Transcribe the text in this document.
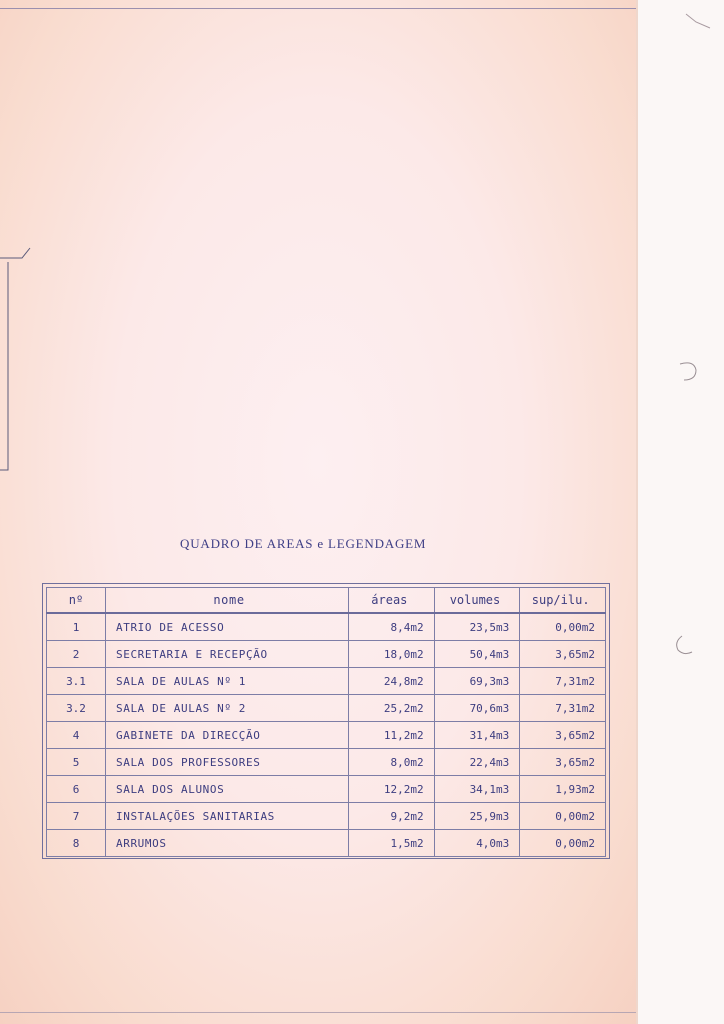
QUADRO DE AREAS e LEGENDAGEM
nº	nome	áreas	volumes	sup/ilu.
1	ATRIO DE ACESSO	8,4m2	23,5m3	0,00m2
2	SECRETARIA E RECEPÇÃO	18,0m2	50,4m3	3,65m2
3.1	SALA DE AULAS Nº 1	24,8m2	69,3m3	7,31m2
3.2	SALA DE AULAS Nº 2	25,2m2	70,6m3	7,31m2
4	GABINETE DA DIRECÇÃO	11,2m2	31,4m3	3,65m2
5	SALA DOS PROFESSORES	8,0m2	22,4m3	3,65m2
6	SALA DOS ALUNOS	12,2m2	34,1m3	1,93m2
7	INSTALAÇÕES SANITARIAS	9,2m2	25,9m3	0,00m2
8	ARRUMOS	1,5m2	4,0m3	0,00m2
